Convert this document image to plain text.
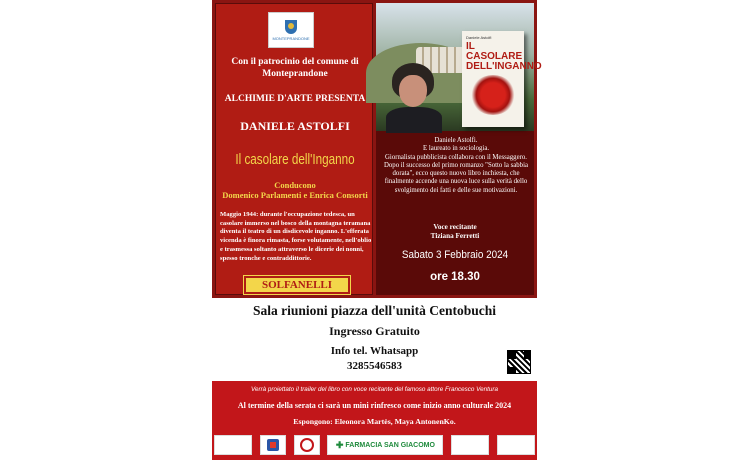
MONTEPRANDONE
Con il patrocinio del comune di Monteprandone
ALCHIMIE D'ARTE PRESENTA
DANIELE ASTOLFI
Il casolare dell'Inganno
Conducono
Domenico Parlamenti e Enrica Consorti
Maggio 1944: durante l'occupazione tedesca, un casolare immerso nel bosco della montagna teramana diventa il teatro di un disdicevole inganno. L'efferata vicenda è finora rimasta, forse volutamente, nell'oblio e trasmessa soltanto attraverso le dicerie dei nonni, spesso tronche e contraddittorie.
SOLFANELLI
Daniele Astolfi
IL CASOLARE
DELL'INGANNO
Daniele Astolfi.
E laureato in sociologia.
Giornalista pubblicista collabora con il Messaggero.
Dopo il successo del primo romanzo "Sotto la sabbia dorata", ecco questo nuovo libro inchiesta, che finalmente accende una nuova luce sulla verità dello svolgimento dei fatti e delle sue motivazioni.
Voce recitante
Tiziana Ferretti
Sabato 3 Febbraio 2024
ore 18.30
Sala riunioni piazza dell'unità Centobuchi
Ingresso Gratuito
Info tel. Whatsapp
3285546583
Verrà proiettato il trailer del libro con voce recitante del famoso attore Francesco Ventura
Al termine della serata ci sarà un mini rinfresco come inizio anno culturale 2024
Espongono: Eleonora Martès, Maya AntonenKo.
✚ FARMACIA SAN GIACOMO
